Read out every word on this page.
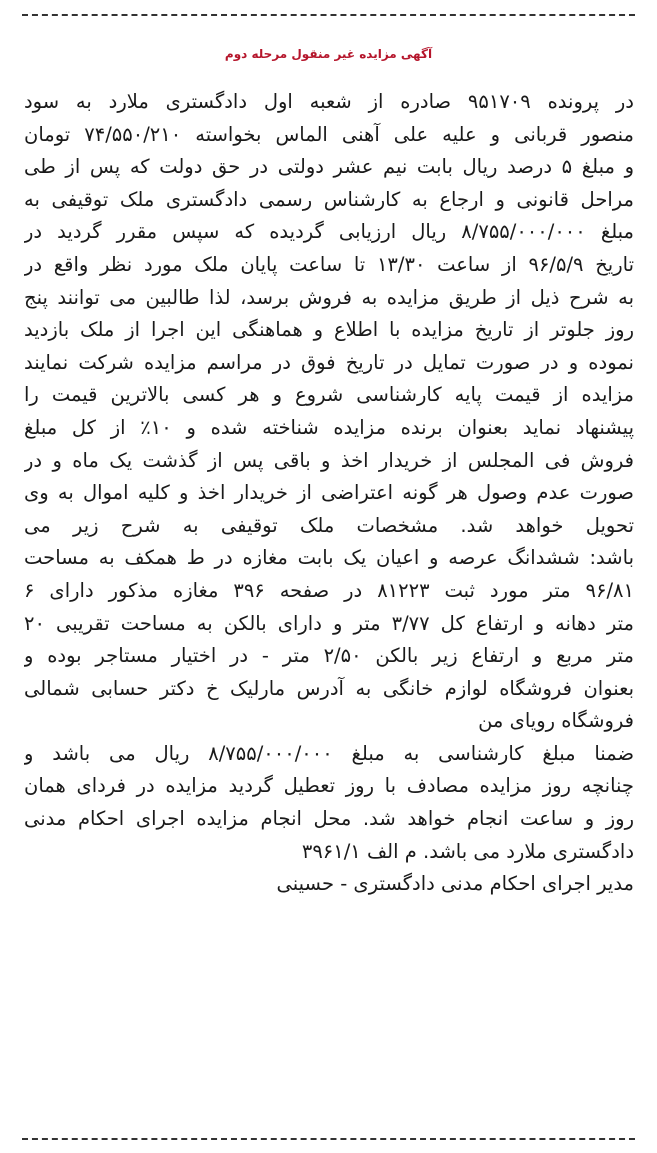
آگهی مزایده غیر منقول مرحله دوم
در پرونده ۹۵۱۷۰۹ صادره از شعبه اول دادگستری ملارد به سود
منصور قربانی و علیه علی آهنی الماس بخواسته ۷۴/۵۵۰/۲۱۰ تومان
و مبلغ ۵ درصد ریال بابت نیم عشر دولتی در حق دولت که پس از طی
مراحل قانونی و ارجاع به کارشناس رسمی دادگستری ملک توقیفی به
مبلغ ۸/۷۵۵/۰۰۰/۰۰۰ ریال ارزیابی گردیده که سپس مقرر گردید در
تاریخ ۹۶/۵/۹ از ساعت ۱۳/۳۰ تا ساعت پایان ملک مورد نظر واقع در
به شرح ذیل از طریق مزایده به فروش برسد، لذا طالبین می توانند پنج
روز جلوتر از تاریخ مزایده با اطلاع و هماهنگی این اجرا از ملک بازدید
نموده و در صورت تمایل در تاریخ فوق در مراسم مزایده شرکت نمایند
مزایده از قیمت پایه کارشناسی شروع و هر کسی بالاترین قیمت را
پیشنهاد نماید بعنوان برنده مزایده شناخته شده و ۱۰٪ از کل مبلغ
فروش فی المجلس از خریدار اخذ و باقی پس از گذشت یک ماه و در
صورت عدم وصول هر گونه اعتراضی از خریدار اخذ و کلیه اموال به وی
تحویل خواهد شد. مشخصات ملک توقیفی به شرح زیر می
باشد: ششدانگ عرصه و اعیان یک بابت مغازه در ط همکف به مساحت
۹۶/۸۱ متر مورد ثبت ۸۱۲۲۳ در صفحه ۳۹۶ مغازه مذکور دارای ۶
متر دهانه و ارتفاع کل ۳/۷۷ متر و دارای بالکن به مساحت تقریبی ۲۰
متر مربع و ارتفاع زیر بالکن ۲/۵۰ متر - در اختیار مستاجر بوده و
بعنوان فروشگاه لوازم خانگی به آدرس مارلیک خ دکتر حسابی شمالی
فروشگاه رویای من
ضمنا مبلغ کارشناسی به مبلغ ۸/۷۵۵/۰۰۰/۰۰۰ ریال می باشد و
چنانچه روز مزایده مصادف با روز تعطیل گردید مزایده در فردای همان
روز و ساعت انجام خواهد شد. محل انجام مزایده اجرای احکام مدنی
دادگستری ملارد می باشد. م الف ۳۹۶۱/۱
مدیر اجرای احکام مدنی دادگستری - حسینی
